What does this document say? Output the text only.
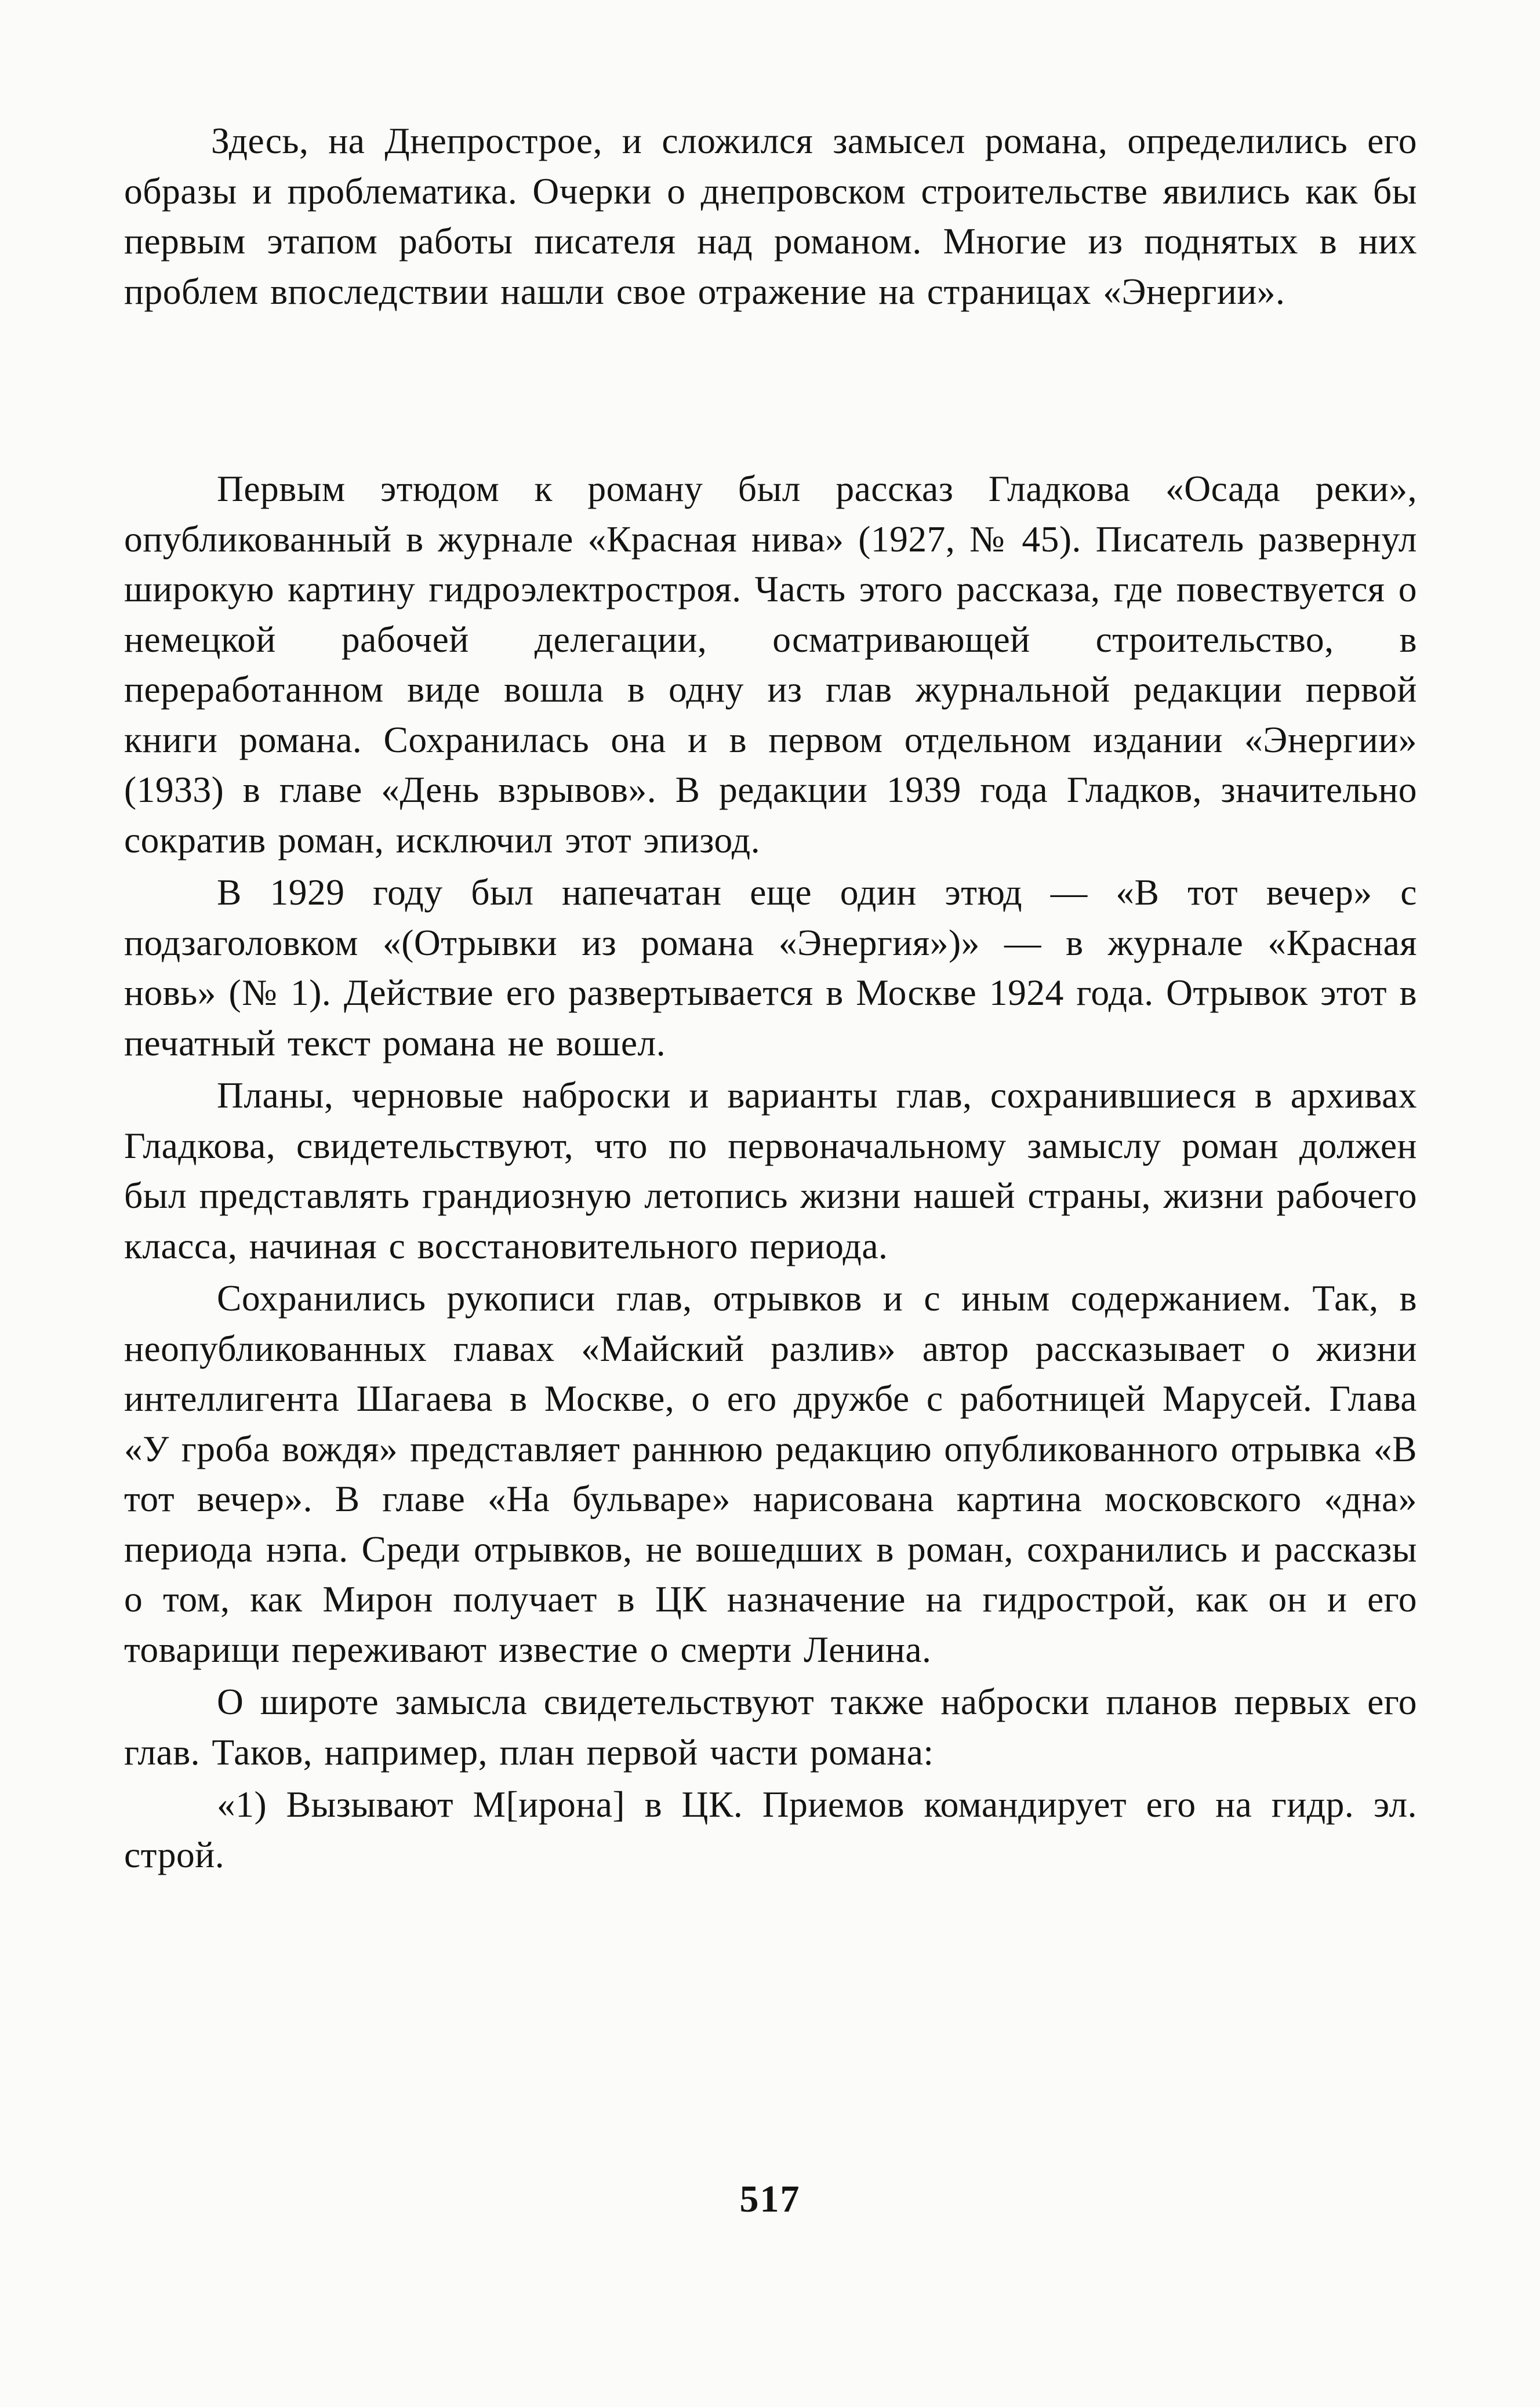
Здесь, на Днепрострое, и сложился замысел романа, определились его образы и проблематика. Очерки о днепровском строительстве явились как бы первым этапом работы писателя над романом. Многие из поднятых в них проблем впоследствии нашли свое отражение на страницах «Энергии».

Первым этюдом к роману был рассказ Гладкова «Осада реки», опубликованный в журнале «Красная нива» (1927, № 45). Писатель развернул широкую картину гидроэлектростроя. Часть этого рассказа, где повествуется о немецкой рабочей делегации, осматривающей строительство, в переработанном виде вошла в одну из глав журнальной редакции первой книги романа. Сохранилась она и в первом отдельном издании «Энергии» (1933) в главе «День взрывов». В редакции 1939 года Гладков, значительно сократив роман, исключил этот эпизод.

В 1929 году был напечатан еще один этюд — «В тот вечер» с подзаголовком «(Отрывки из романа «Энергия»)» — в журнале «Красная новь» (№ 1). Действие его развертывается в Москве 1924 года. Отрывок этот в печатный текст романа не вошел.

Планы, черновые наброски и варианты глав, сохранившиеся в архивах Гладкова, свидетельствуют, что по первоначальному замыслу роман должен был представлять грандиозную летопись жизни нашей страны, жизни рабочего класса, начиная с восстановительного периода.

Сохранились рукописи глав, отрывков и с иным содержанием. Так, в неопубликованных главах «Майский разлив» автор рассказывает о жизни интеллигента Шагаева в Москве, о его дружбе с работницей Марусей. Глава «У гроба вождя» представляет раннюю редакцию опубликованного отрывка «В тот вечер». В главе «На бульваре» нарисована картина московского «дна» периода нэпа. Среди отрывков, не вошедших в роман, сохранились и рассказы о том, как Мирон получает в ЦК назначение на гидрострой, как он и его товарищи переживают известие о смерти Ленина.

О широте замысла свидетельствуют также наброски планов первых его глав. Таков, например, план первой части романа:

«1) Вызывают М[ирона] в ЦК. Приемов командирует его на гидр. эл. строй.

517
